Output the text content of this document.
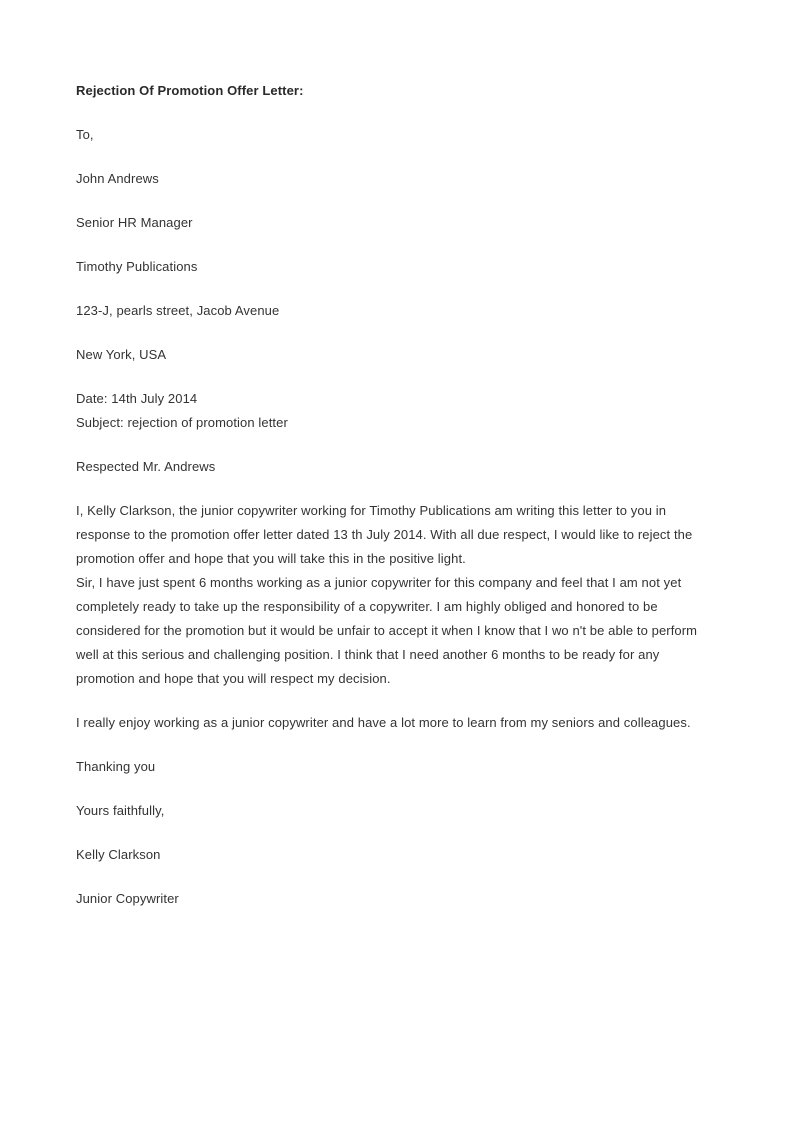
Rejection Of Promotion Offer Letter:
To,
John Andrews
Senior HR Manager
Timothy Publications
123-J, pearls street, Jacob Avenue
New York, USA
Date: 14th July 2014
Subject: rejection of promotion letter
Respected Mr. Andrews
I, Kelly Clarkson, the junior copywriter working for Timothy Publications am writing this letter to you in
response to the promotion offer letter dated 13 th July 2014. With all due respect, I would like to reject the
promotion offer and hope that you will take this in the positive light.
Sir, I have just spent 6 months working as a junior copywriter for this company and feel that I am not yet
completely ready to take up the responsibility of a copywriter. I am highly obliged and honored to be
considered for the promotion but it would be unfair to accept it when I know that I wo n't be able to perform
well at this serious and challenging position. I think that I need another 6 months to be ready for any
promotion and hope that you will respect my decision.
I really enjoy working as a junior copywriter and have a lot more to learn from my seniors and colleagues.
Thanking you
Yours faithfully,
Kelly Clarkson
Junior Copywriter
